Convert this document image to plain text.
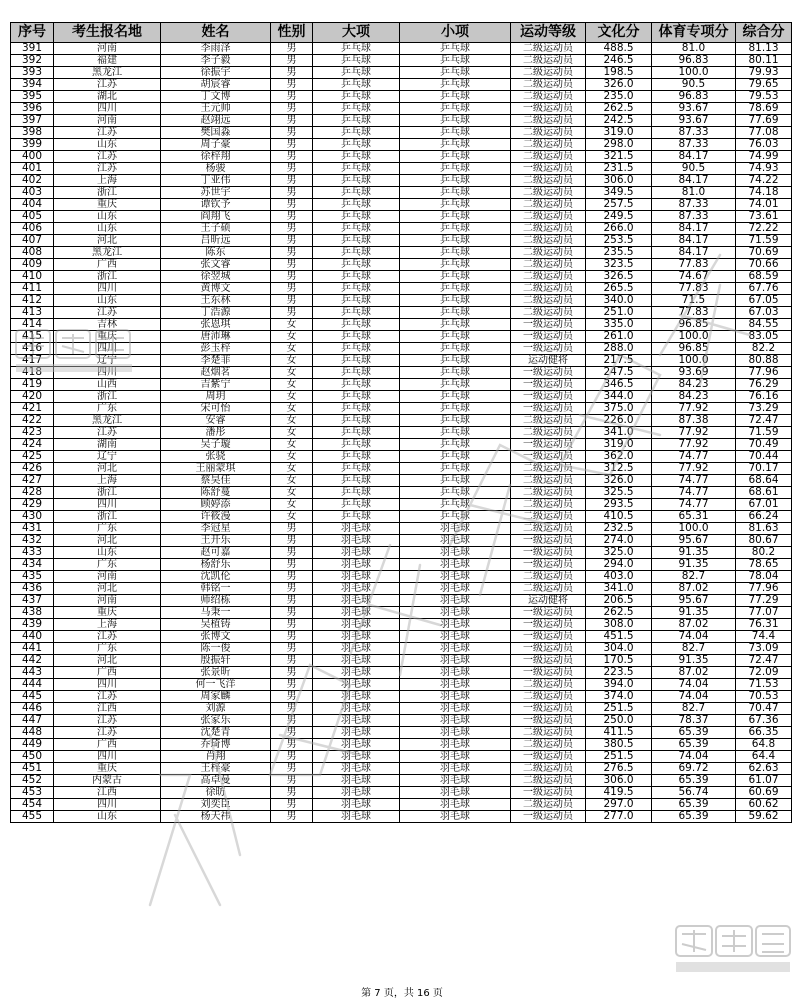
序号	考生报名地	姓名	性别	大项	小项	运动等级	文化分	体育专项分	综合分
391	河南	李雨泽	男	乒乓球	乒乓球	二级运动员	488.5	81.0	81.13
392	福建	李子毅	男	乒乓球	乒乓球	二级运动员	246.5	96.83	80.11
393	黑龙江	徐振宇	男	乒乓球	乒乓球	二级运动员	198.5	100.0	79.93
394	江苏	胡宸睿	男	乒乓球	乒乓球	二级运动员	326.0	90.5	79.65
395	湖北	丁文博	男	乒乓球	乒乓球	二级运动员	235.0	96.83	79.53
396	四川	王元帅	男	乒乓球	乒乓球	一级运动员	262.5	93.67	78.69
397	河南	赵翊远	男	乒乓球	乒乓球	二级运动员	242.5	93.67	77.69
398	江苏	樊国淼	男	乒乓球	乒乓球	二级运动员	319.0	87.33	77.08
399	山东	周子豪	男	乒乓球	乒乓球	二级运动员	298.0	87.33	76.03
400	江苏	徐梓翔	男	乒乓球	乒乓球	二级运动员	321.5	84.17	74.99
401	江苏	杨骏	男	乒乓球	乒乓球	一级运动员	231.5	90.5	74.93
402	上海	丁亚伟	男	乒乓球	乒乓球	二级运动员	306.0	84.17	74.22
403	浙江	苏世宇	男	乒乓球	乒乓球	二级运动员	349.5	81.0	74.18
404	重庆	谭钦予	男	乒乓球	乒乓球	二级运动员	257.5	87.33	74.01
405	山东	阎翔飞	男	乒乓球	乒乓球	二级运动员	249.5	87.33	73.61
406	山东	王子硕	男	乒乓球	乒乓球	二级运动员	266.0	84.17	72.22
407	河北	吕昕远	男	乒乓球	乒乓球	二级运动员	253.5	84.17	71.59
408	黑龙江	陈东	男	乒乓球	乒乓球	二级运动员	235.5	84.17	70.69
409	广西	张文睿	男	乒乓球	乒乓球	二级运动员	323.5	77.83	70.66
410	浙江	徐翌城	男	乒乓球	乒乓球	二级运动员	326.5	74.67	68.59
411	四川	黄博文	男	乒乓球	乒乓球	二级运动员	265.5	77.83	67.76
412	山东	王东林	男	乒乓球	乒乓球	二级运动员	340.0	71.5	67.05
413	江苏	丁浩源	男	乒乓球	乒乓球	二级运动员	251.0	77.83	67.03
414	吉林	张恩琪	女	乒乓球	乒乓球	一级运动员	335.0	96.85	84.55
415	重庆	唐沛琳	女	乒乓球	乒乓球	一级运动员	261.0	100.0	83.05
416	四川	彭玉梓	女	乒乓球	乒乓球	一级运动员	288.0	96.85	82.2
417	辽宁	李楚菲	女	乒乓球	乒乓球	运动健将	217.5	100.0	80.88
418	四川	赵烟茗	女	乒乓球	乒乓球	一级运动员	247.5	93.69	77.96
419	山西	吉紫宁	女	乒乓球	乒乓球	一级运动员	346.5	84.23	76.29
420	浙江	周玥	女	乒乓球	乒乓球	一级运动员	344.0	84.23	76.16
421	广东	宋可怡	女	乒乓球	乒乓球	一级运动员	375.0	77.92	73.29
422	黑龙江	安睿	女	乒乓球	乒乓球	二级运动员	226.0	87.38	72.47
423	江苏	潘彤	女	乒乓球	乒乓球	二级运动员	341.0	77.92	71.59
424	湖南	吴子璇	女	乒乓球	乒乓球	一级运动员	319.0	77.92	70.49
425	辽宁	张骁	女	乒乓球	乒乓球	一级运动员	362.0	74.77	70.44
426	河北	王丽蒙琪	女	乒乓球	乒乓球	二级运动员	312.5	77.92	70.17
427	上海	蔡昊佳	女	乒乓球	乒乓球	二级运动员	326.0	74.77	68.64
428	浙江	陈舒蔓	女	乒乓球	乒乓球	二级运动员	325.5	74.77	68.61
429	四川	顾婷添	女	乒乓球	乒乓球	二级运动员	293.5	74.77	67.01
430	浙江	许筱漫	女	乒乓球	乒乓球	二级运动员	410.5	65.31	66.24
431	广东	李冠星	男	羽毛球	羽毛球	二级运动员	232.5	100.0	81.63
432	河北	王开乐	男	羽毛球	羽毛球	一级运动员	274.0	95.67	80.67
433	山东	赵可嘉	男	羽毛球	羽毛球	一级运动员	325.0	91.35	80.2
434	广东	杨舒乐	男	羽毛球	羽毛球	一级运动员	294.0	91.35	78.65
435	河南	沈凯伦	男	羽毛球	羽毛球	二级运动员	403.0	82.7	78.04
436	河北	韩铭一	男	羽毛球	羽毛球	二级运动员	341.0	87.02	77.96
437	河南	师绍栋	男	羽毛球	羽毛球	运动健将	206.5	95.67	77.29
438	重庆	马秉一	男	羽毛球	羽毛球	一级运动员	262.5	91.35	77.07
439	上海	吴植铸	男	羽毛球	羽毛球	一级运动员	308.0	87.02	76.31
440	江苏	张博文	男	羽毛球	羽毛球	一级运动员	451.5	74.04	74.4
441	广东	陈一俊	男	羽毛球	羽毛球	一级运动员	304.0	82.7	73.09
442	河北	殷振轩	男	羽毛球	羽毛球	一级运动员	170.5	91.35	72.47
443	广西	张景昕	男	羽毛球	羽毛球	一级运动员	223.5	87.02	72.09
444	四川	何一飞洋	男	羽毛球	羽毛球	二级运动员	394.0	74.04	71.53
445	江苏	周家麟	男	羽毛球	羽毛球	二级运动员	374.0	74.04	70.53
446	江西	刘源	男	羽毛球	羽毛球	一级运动员	251.5	82.7	70.47
447	江苏	张家乐	男	羽毛球	羽毛球	一级运动员	250.0	78.37	67.36
448	江苏	沈楚青	男	羽毛球	羽毛球	二级运动员	411.5	65.39	66.35
449	广西	乔琦博	男	羽毛球	羽毛球	二级运动员	380.5	65.39	64.8
450	四川	肖翔	男	羽毛球	羽毛球	一级运动员	251.5	74.04	64.4
451	重庆	王梓豪	男	羽毛球	羽毛球	二级运动员	276.5	69.72	62.63
452	内蒙古	高卓曼	男	羽毛球	羽毛球	二级运动员	306.0	65.39	61.07
453	江西	徐昉	男	羽毛球	羽毛球	一级运动员	419.5	56.74	60.69
454	四川	刘奕臣	男	羽毛球	羽毛球	二级运动员	297.0	65.39	60.62
455	山东	杨天祎	男	羽毛球	羽毛球	一级运动员	277.0	65.39	59.62
第 7 页，共 16 页
